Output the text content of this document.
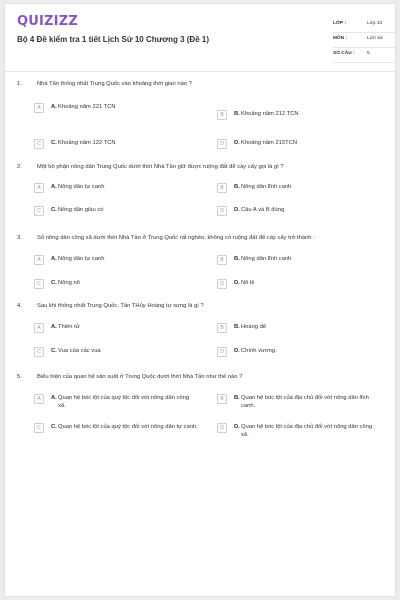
QUIZIZZ
Bộ 4 Đề kiểm tra 1 tiết Lịch Sử 10 Chương 3 (Đề 1)
LỚP :	Lớp 10
MÔN :	Lịch sử
SỐ CÂU :	5
1.	Nhà Tần thống nhất Trung Quốc vào khoảng thời gian nào ?
A	A. Khoảng năm 221 TCN
B	B. Khoảng năm 212 TCN
C	C. Khoảng năm 122 TCN	D	D. Khoảng năm 215TCN
2.	Một bộ phận nông dân Trung Quốc dưới thời Nhà Tần giữ được ruộng đất để cày cấy gọi là gì ?
A	A. Nông dân tự canh	B	B. Nông dân lĩnh canh
C	C. Nông dân giàu có	D	D. Câu A và B đúng
3.	Số nông dân công xã dưới thời Nhà Tần ở Trung Quốc rất nghèo, không có ruộng đất để cày cấy trở thành :
A	A. Nông dân tự canh	B	B. Nông dân lĩnh canh
C	C. Nông nô	D	D. Nô lệ
4.	Sau khi thống nhất Trung Quốc, Tần THủy Hoàng tự xưng là gì ?
A	A. Thiên tử	B	B. Hoàng đế
C	C. Vua của các vua	D	D. Chính vương.
5.	Biểu hiện của quan hệ sản xuất ở Trung Quốc dưới thời Nhà Tần như thế nào ?
A	A. Quan hệ bóc lột của quý tộc đối với nông dân công xã.
B	B. Quan hệ bóc lột của địa chủ đối với nông dân lĩnh canh.
C	C. Quan hệ bóc lột của quý tộc đối với nông dân tự canh.	D	D. Quan hệ bóc lột của địa chủ đối với nông dân công xã.
